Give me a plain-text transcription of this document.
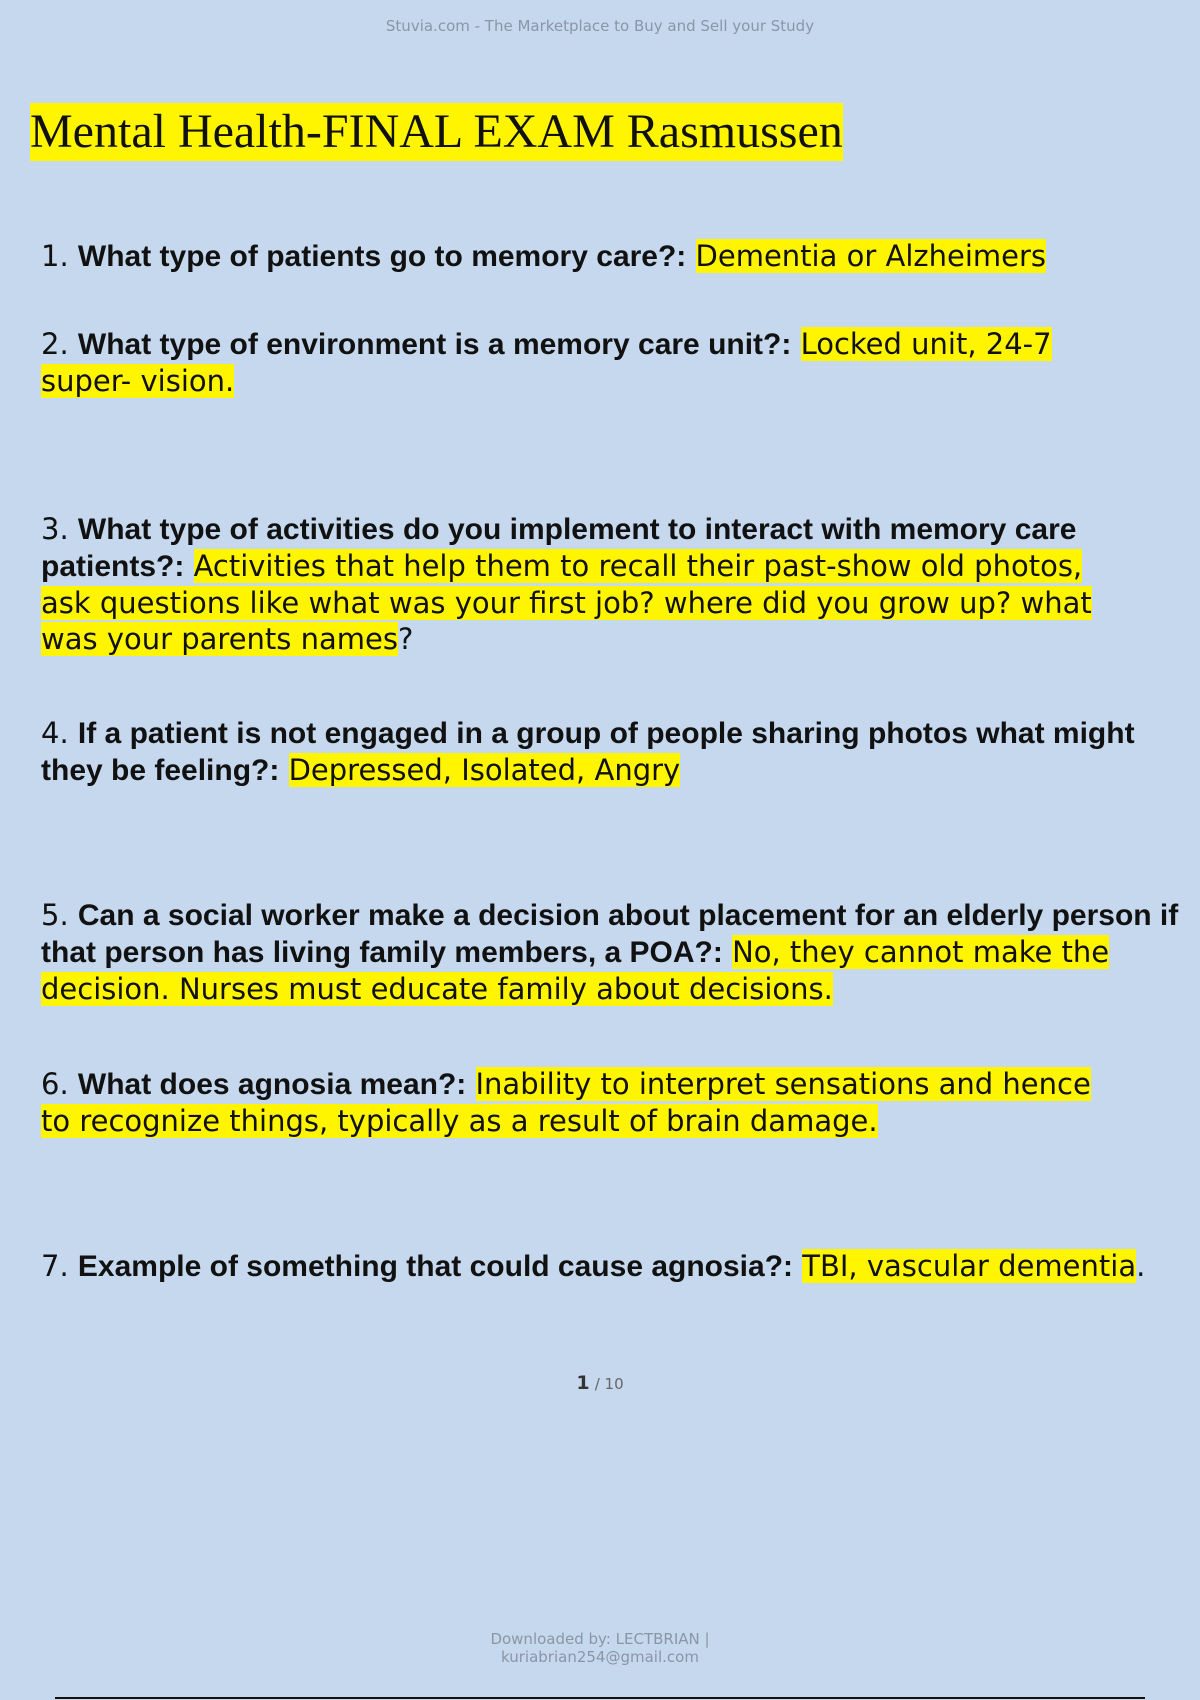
Stuvia.com - The Marketplace to Buy and Sell your Study
Mental Health-FINAL EXAM Rasmussen

1. What type of patients go to memory care?: Dementia or Alzheimers

2. What type of environment is a memory care unit?: Locked unit, 24-7 super- vision.

3. What type of activities do you implement to interact with memory care patients?: Activities that help them to recall their past-show old photos, ask questions like what was your first job? where did you grow up? what was your parents names?

4. If a patient is not engaged in a group of people sharing photos what might they be feeling?: Depressed, Isolated, Angry

5. Can a social worker make a decision about placement for an elderly person if that person has living family members, a POA?: No, they cannot make the decision. Nurses must educate family about decisions.

6. What does agnosia mean?: Inability to interpret sensations and hence to recognize things, typically as a result of brain damage.

7. Example of something that could cause agnosia?: TBI, vascular dementia.

1 / 10
Downloaded by: LECTBRIAN |
kuriabrian254@gmail.com
